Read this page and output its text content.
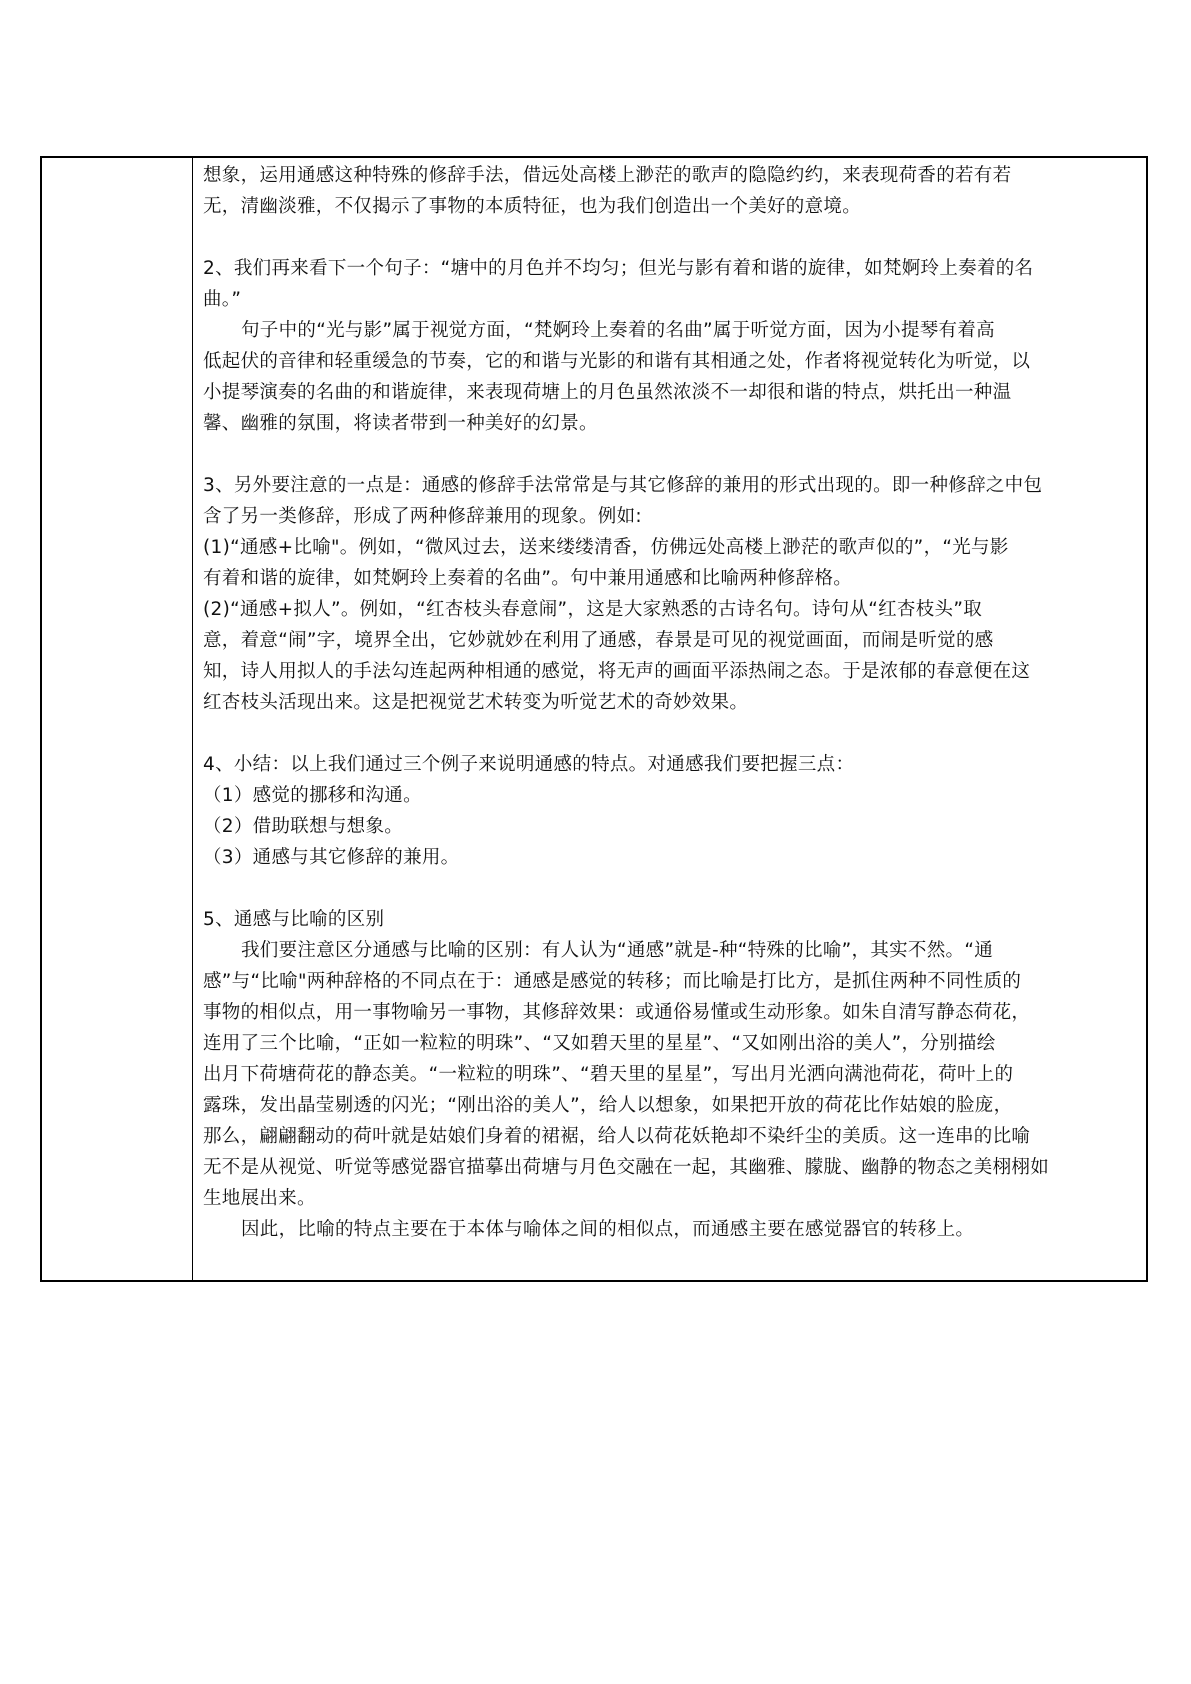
想象，运用通感这种特殊的修辞手法，借远处高楼上渺茫的歌声的隐隐约约，来表现荷香的若有若
无，清幽淡雅，不仅揭示了事物的本质特征，也为我们创造出一个美好的意境。
2、我们再来看下一个句子：“塘中的月色并不均匀；但光与影有着和谐的旋律，如梵婀玲上奏着的名
曲。”
句子中的“光与影”属于视觉方面，“梵婀玲上奏着的名曲”属于听觉方面，因为小提琴有着高
低起伏的音律和轻重缓急的节奏，它的和谐与光影的和谐有其相通之处，作者将视觉转化为听觉，以
小提琴演奏的名曲的和谐旋律，来表现荷塘上的月色虽然浓淡不一却很和谐的特点，烘托出一种温
馨、幽雅的氛围，将读者带到一种美好的幻景。
3、另外要注意的一点是：通感的修辞手法常常是与其它修辞的兼用的形式出现的。即一种修辞之中包
含了另一类修辞，形成了两种修辞兼用的现象。例如:
(1)“通感+比喻"。例如，“微风过去，送来缕缕清香，仿佛远处高楼上渺茫的歌声似的”，“光与影
有着和谐的旋律，如梵婀玲上奏着的名曲”。句中兼用通感和比喻两种修辞格。
(2)“通感+拟人”。例如，“红杏枝头春意闹”，这是大家熟悉的古诗名句。诗句从“红杏枝头”取
意，着意“闹”字，境界全出，它妙就妙在利用了通感，春景是可见的视觉画面，而闹是听觉的感
知，诗人用拟人的手法勾连起两种相通的感觉，将无声的画面平添热闹之态。于是浓郁的春意便在这
红杏枝头活现出来。这是把视觉艺术转变为听觉艺术的奇妙效果。
4、小结：以上我们通过三个例子来说明通感的特点。对通感我们要把握三点：
（1）感觉的挪移和沟通。
（2）借助联想与想象。
（3）通感与其它修辞的兼用。
5、通感与比喻的区别
我们要注意区分通感与比喻的区别：有人认为“通感”就是-种“特殊的比喻”，其实不然。“通
感”与“比喻"两种辞格的不同点在于：通感是感觉的转移；而比喻是打比方，是抓住两种不同性质的
事物的相似点，用一事物喻另一事物，其修辞效果：或通俗易懂或生动形象。如朱自清写静态荷花，
连用了三个比喻，“正如一粒粒的明珠”、“又如碧天里的星星”、“又如刚出浴的美人”，分别描绘
出月下荷塘荷花的静态美。“一粒粒的明珠”、“碧天里的星星”，写出月光洒向满池荷花，荷叶上的
露珠，发出晶莹剔透的闪光；“刚出浴的美人”，给人以想象，如果把开放的荷花比作姑娘的脸庞，
那么，翩翩翻动的荷叶就是姑娘们身着的裙裾，给人以荷花妖艳却不染纤尘的美质。这一连串的比喻
无不是从视觉、听觉等感觉器官描摹出荷塘与月色交融在一起，其幽雅、朦胧、幽静的物态之美栩栩如
生地展出来。
因此，比喻的特点主要在于本体与喻体之间的相似点，而通感主要在感觉器官的转移上。
